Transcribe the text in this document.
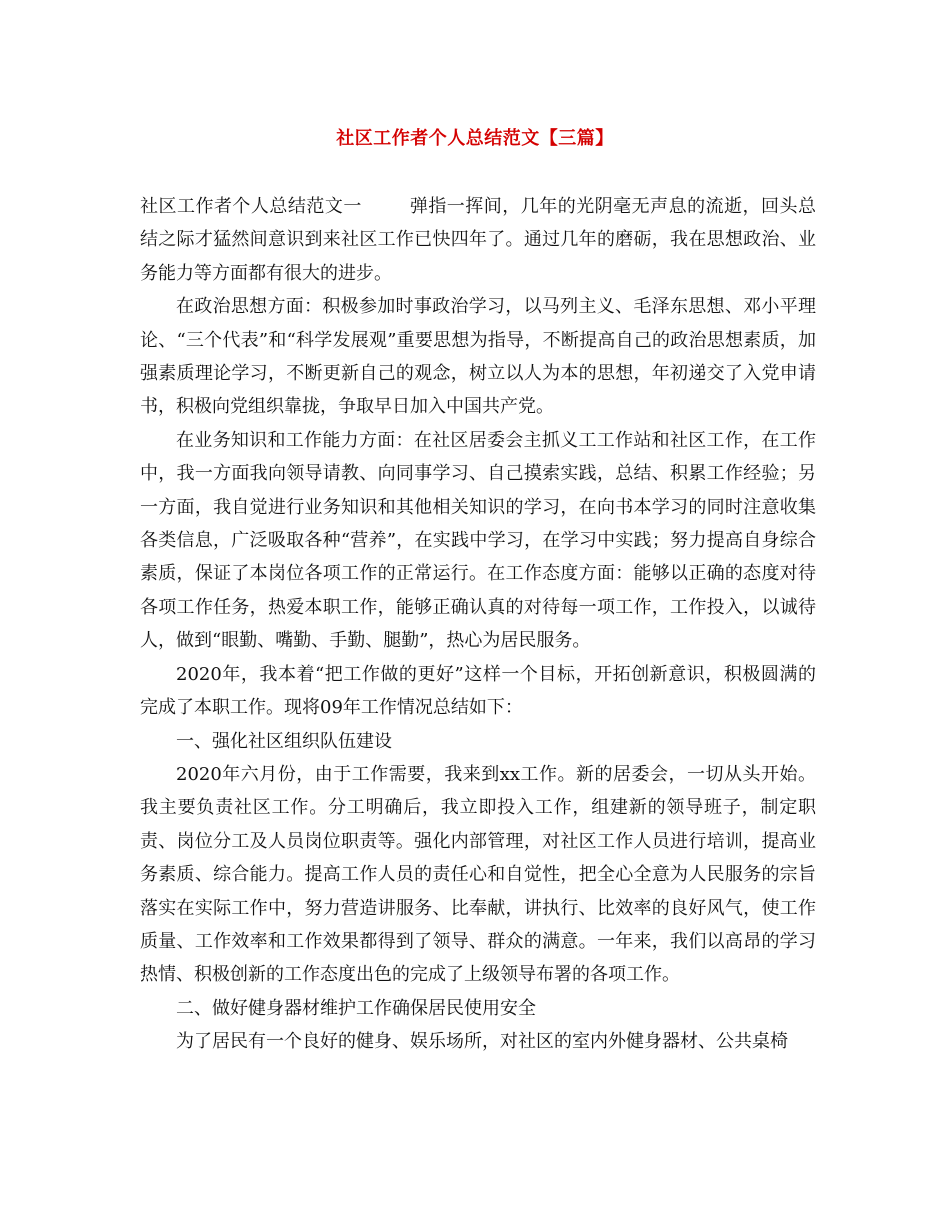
社区工作者个人总结范文【三篇】

社区工作者个人总结范文一	弹指一挥间，几年的光阴毫无声息的流逝，回头总结之际才猛然间意识到来社区工作已快四年了。通过几年的磨砺，我在思想政治、业务能力等方面都有很大的进步。

在政治思想方面：积极参加时事政治学习，以马列主义、毛泽东思想、邓小平理论、“三个代表”和“科学发展观”重要思想为指导，不断提高自己的政治思想素质，加强素质理论学习，不断更新自己的观念，树立以人为本的思想，年初递交了入党申请书，积极向党组织靠拢，争取早日加入中国共产党。

在业务知识和工作能力方面：在社区居委会主抓义工工作站和社区工作，在工作中，我一方面我向领导请教、向同事学习、自己摸索实践，总结、积累工作经验；另一方面，我自觉进行业务知识和其他相关知识的学习，在向书本学习的同时注意收集各类信息，广泛吸取各种“营养”，在实践中学习，在学习中实践；努力提高自身综合素质，保证了本岗位各项工作的正常运行。在工作态度方面：能够以正确的态度对待各项工作任务，热爱本职工作，能够正确认真的对待每一项工作，工作投入，以诚待人，做到“眼勤、嘴勤、手勤、腿勤”，热心为居民服务。

2020年，我本着“把工作做的更好”这样一个目标，开拓创新意识，积极圆满的完成了本职工作。现将09年工作情况总结如下：

一、强化社区组织队伍建设

2020年六月份，由于工作需要，我来到xx工作。新的居委会，一切从头开始。我主要负责社区工作。分工明确后，我立即投入工作，组建新的领导班子，制定职责、岗位分工及人员岗位职责等。强化内部管理，对社区工作人员进行培训，提高业务素质、综合能力。提高工作人员的责任心和自觉性，把全心全意为人民服务的宗旨落实在实际工作中，努力营造讲服务、比奉献，讲执行、比效率的良好风气，使工作质量、工作效率和工作效果都得到了领导、群众的满意。一年来，我们以高昂的学习热情、积极创新的工作态度出色的完成了上级领导布署的各项工作。

二、做好健身器材维护工作确保居民使用安全

为了居民有一个良好的健身、娱乐场所，对社区的室内外健身器材、公共桌椅
